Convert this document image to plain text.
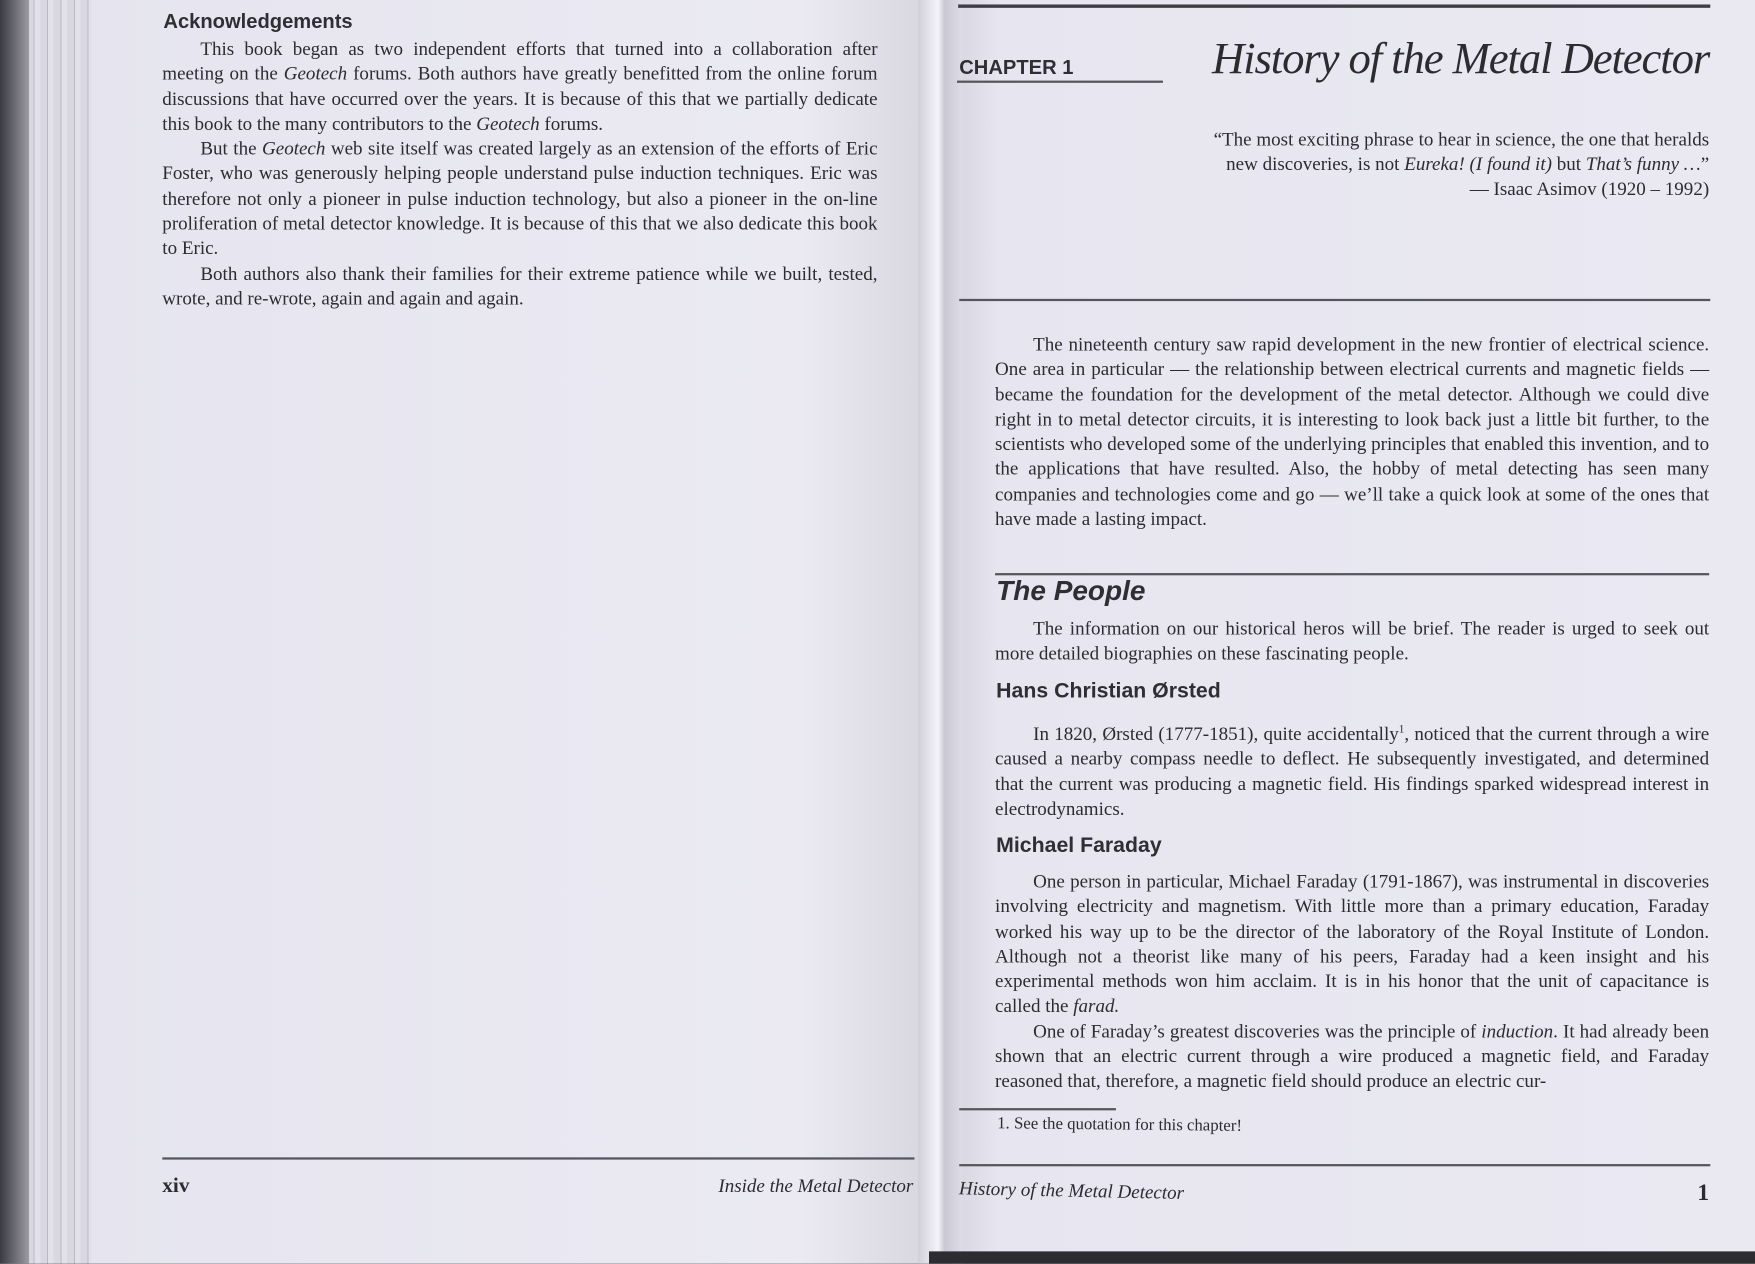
Acknowledgements

This book began as two independent efforts that turned into a collaboration after meeting on the Geotech forums. Both authors have greatly benefitted from the online forum discussions that have occurred over the years. It is because of this that we partially dedicate this book to the many contributors to the Geotech forums.

But the Geotech web site itself was created largely as an extension of the efforts of Eric Foster, who was generously helping people understand pulse induction techniques. Eric was therefore not only a pioneer in pulse induction technology, but also a pioneer in the on-line proliferation of metal detector knowledge. It is because of this that we also dedicate this book to Eric.

Both authors also thank their families for their extreme patience while we built, tested, wrote, and re-wrote, again and again and again.

xiv	Inside the Metal Detector
CHAPTER 1	History of the Metal Detector
“The most exciting phrase to hear in science, the one that heralds
new discoveries, is not Eureka! (I found it) but That’s funny …”
— Isaac Asimov (1920 – 1992)

The nineteenth century saw rapid development in the new frontier of electrical science. One area in particular — the relationship between electrical currents and magnetic fields — became the foundation for the development of the metal detector. Although we could dive right in to metal detector circuits, it is interesting to look back just a little bit further, to the scientists who developed some of the underlying principles that enabled this invention, and to the applications that have resulted. Also, the hobby of metal detecting has seen many companies and technologies come and go — we’ll take a quick look at some of the ones that have made a lasting impact.

The People

The information on our historical heros will be brief. The reader is urged to seek out more detailed biographies on these fascinating people.

Hans Christian Ørsted

In 1820, Ørsted (1777-1851), quite accidentally$^1$, noticed that the current through a wire caused a nearby compass needle to deflect. He subsequently investigated, and determined that the current was producing a magnetic field. His findings sparked widespread interest in electrodynamics.

Michael Faraday

One person in particular, Michael Faraday (1791-1867), was instrumental in discoveries involving electricity and magnetism. With little more than a primary education, Faraday worked his way up to be the director of the laboratory of the Royal Institute of London. Although not a theorist like many of his peers, Faraday had a keen insight and his experimental methods won him acclaim. It is in his honor that the unit of capacitance is called the farad.

One of Faraday’s greatest discoveries was the principle of induction. It had already been shown that an electric current through a wire produced a magnetic field, and Faraday reasoned that, therefore, a magnetic field should produce an electric cur-

1. See the quotation for this chapter!
History of the Metal Detector	1
